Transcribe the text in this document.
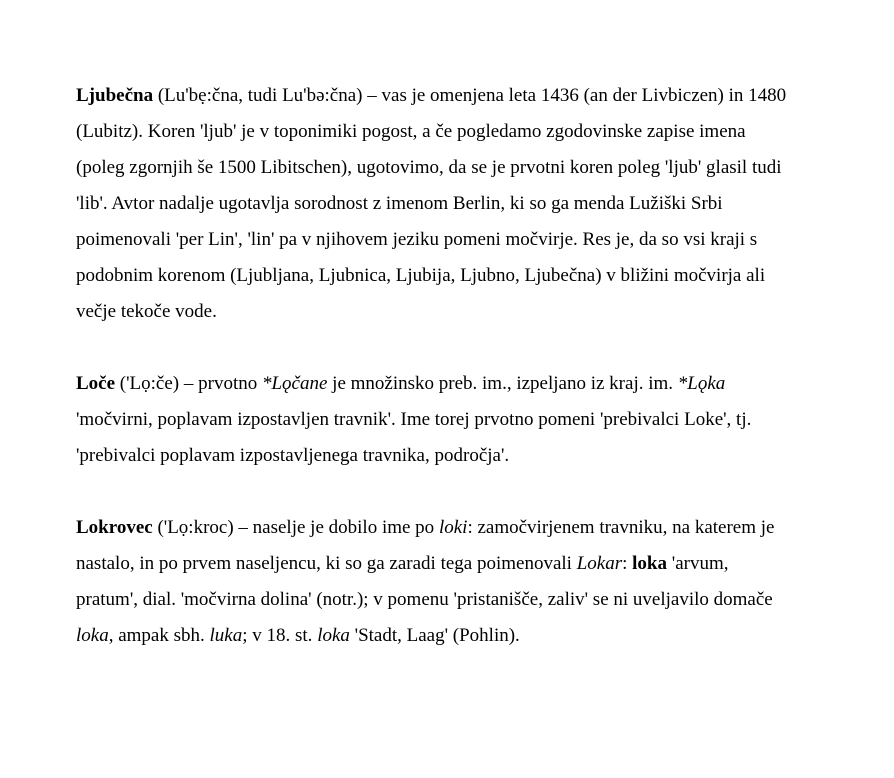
Ljubečna (Lu'bẹ:čna, tudi Lu'bə:čna) – vas je omenjena leta 1436 (an der Livbiczen) in 1480
(Lubitz). Koren 'ljub' je v toponimiki pogost, a če pogledamo zgodovinske zapise imena
(poleg zgornjih še 1500 Libitschen), ugotovimo, da se je prvotni koren poleg 'ljub' glasil tudi
'lib'. Avtor nadalje ugotavlja sorodnost z imenom Berlin, ki so ga menda Lužiški Srbi
poimenovali 'per Lin', 'lin' pa v njihovem jeziku pomeni močvirje. Res je, da so vsi kraji s
podobnim korenom (Ljubljana, Ljubnica, Ljubija, Ljubno, Ljubečna) v bližini močvirja ali
večje tekoče vode.
Loče ('Lọ:če) – prvotno *Lǫčane je množinsko preb. im., izpeljano iz kraj. im. *Lǫka
'močvirni, poplavam izpostavljen travnik'. Ime torej prvotno pomeni 'prebivalci Loke', tj.
'prebivalci poplavam izpostavljenega travnika, področja'.
Lokrovec ('Lọ:kroc) – naselje je dobilo ime po loki: zamočvirjenem travniku, na katerem je
nastalo, in po prvem naseljencu, ki so ga zaradi tega poimenovali Lokar: loka 'arvum,
pratum', dial. 'močvirna dolina' (notr.); v pomenu 'pristanišče, zaliv' se ni uveljavilo domače
loka, ampak sbh. luka; v 18. st. loka 'Stadt, Laag' (Pohlin).
